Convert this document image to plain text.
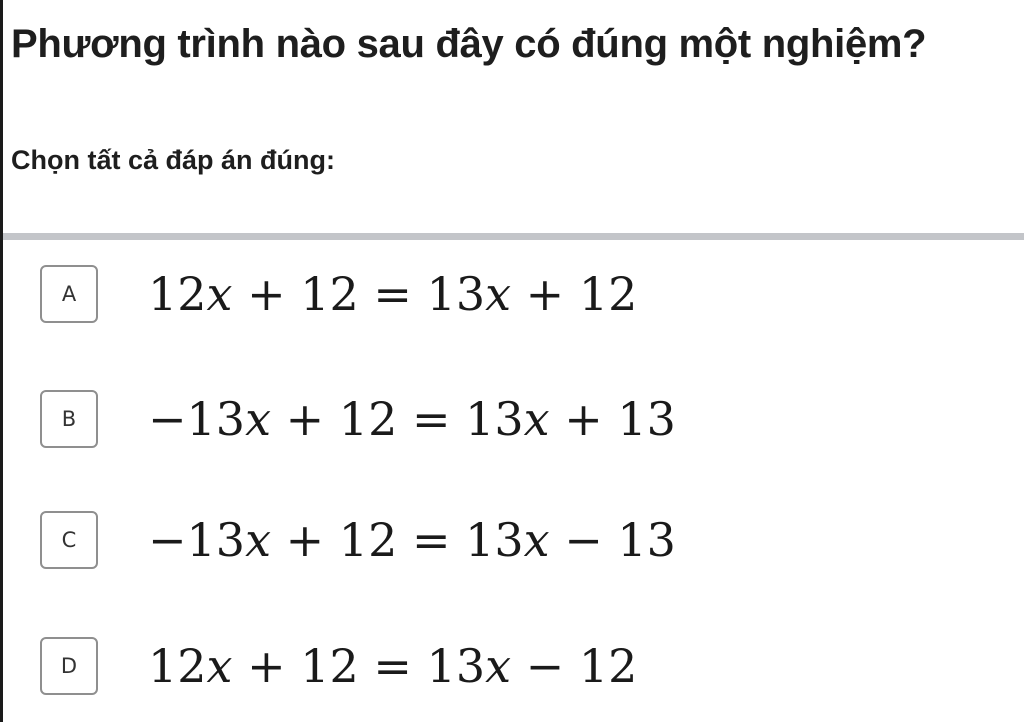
Phương trình nào sau đây có đúng một nghiệm?

Chọn tất cả đáp án đúng:

A	12𝑥 + 12 = 13𝑥 + 12
B	−13𝑥 + 12 = 13𝑥 + 13
C	−13𝑥 + 12 = 13𝑥 − 13
D	12𝑥 + 12 = 13𝑥 − 12
